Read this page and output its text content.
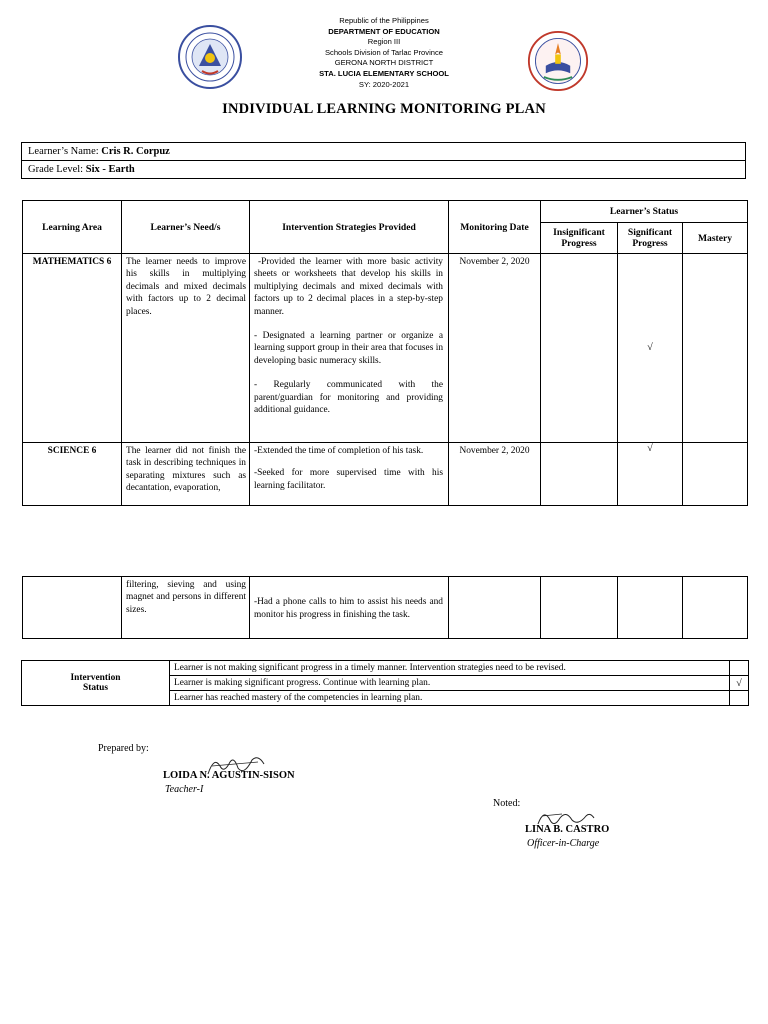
Republic of the Philippines
DEPARTMENT OF EDUCATION
Region III
Schools Division of Tarlac Province
GERONA NORTH DISTRICT
STA. LUCIA ELEMENTARY SCHOOL
SY: 2020-2021
INDIVIDUAL LEARNING MONITORING PLAN
Learner’s Name: Cris R. Corpuz
Grade Level: Six - Earth
Learning Area	Learner’s Need/s	Intervention Strategies Provided	Monitoring Date	Learner’s Status		
				Insignificant Progress	Significant Progress	Mastery
MATHEMATICS 6	The learner needs to improve his skills in multiplying decimals and mixed decimals with factors up to 2 decimal places.	-Provided the learner with more basic activity sheets or worksheets that develop his skills in multiplying decimals and mixed decimals with factors up to 2 decimal places in a step-by-step manner.
- Designated a learning partner or organize a learning support group in their area that focuses in developing basic numeracy skills.
- Regularly communicated with the parent/guardian for monitoring and providing additional guidance.	November 2, 2020		√	
SCIENCE 6	The learner did not finish the task in describing techniques in separating mixtures such as decantation, evaporation,	-Extended the time of completion of his task.
-Seeked for more supervised time with his learning facilitator.	November 2, 2020		√	
	filtering, sieving and using magnet and persons in different sizes.	-Had a phone calls to him to assist his needs and monitor his progress in finishing the task.				
Intervention Status	Learner is not making significant progress in a timely manner. Intervention strategies need to be revised.	
	Learner is making significant progress. Continue with learning plan.	√
	Learner has reached mastery of the competencies in learning plan.	
Prepared by:
LOIDA N. AGUSTIN-SISON
Teacher-I
Noted:
LINA B. CASTRO
Officer-in-Charge
